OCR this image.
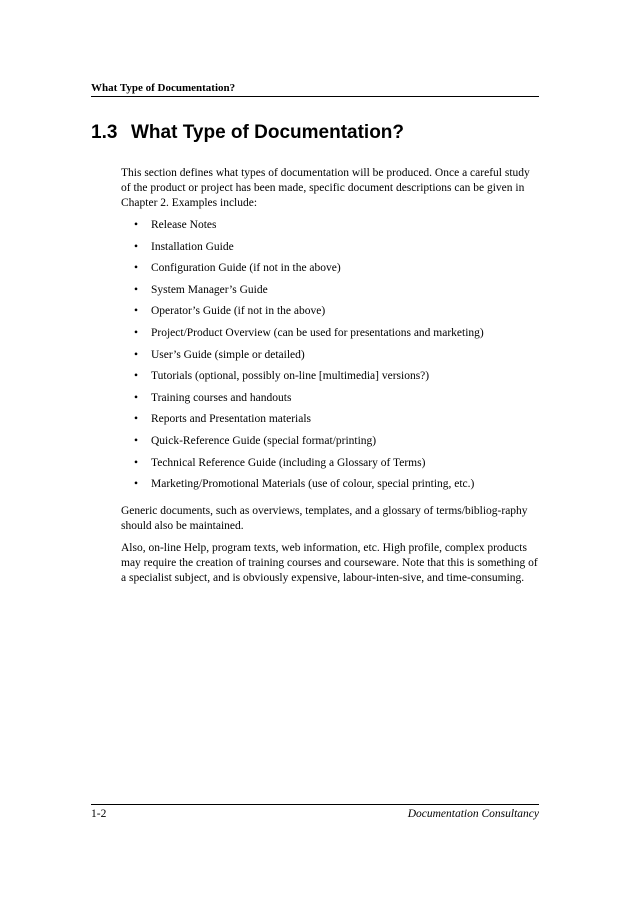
What Type of Documentation?
1.3 What Type of Documentation?

This section defines what types of documentation will be produced. Once a careful study of the product or project has been made, specific document descriptions can be given in Chapter 2. Examples include:

• Release Notes
• Installation Guide
• Configuration Guide (if not in the above)
• System Manager’s Guide
• Operator’s Guide (if not in the above)
• Project/Product Overview (can be used for presentations and marketing)
• User’s Guide (simple or detailed)
• Tutorials (optional, possibly on-line [multimedia] versions?)
• Training courses and handouts
• Reports and Presentation materials
• Quick-Reference Guide (special format/printing)
• Technical Reference Guide (including a Glossary of Terms)
• Marketing/Promotional Materials (use of colour, special printing, etc.)

Generic documents, such as overviews, templates, and a glossary of terms/bibliog-raphy should also be maintained.

Also, on-line Help, program texts, web information, etc. High profile, complex products may require the creation of training courses and courseware. Note that this is something of a specialist subject, and is obviously expensive, labour-inten-sive, and time-consuming.

1-2	Documentation Consultancy
